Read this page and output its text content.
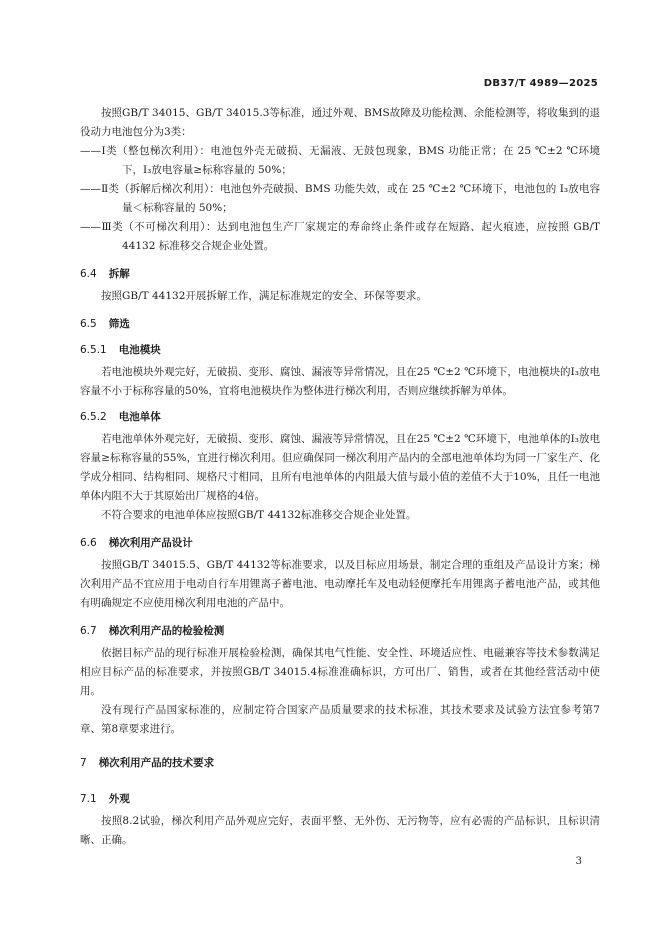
DB37/T 4989—2025

按照GB/T 34015、GB/T 34015.3等标准，通过外观、BMS故障及功能检测、余能检测等，将收集到的退役动力电池包分为3类：

——Ⅰ类（整包梯次利用）：电池包外壳无破损、无漏液、无鼓包现象，BMS 功能正常；在 25 ℃±2 ℃环境下，I₃放电容量≥标称容量的 50%；

——Ⅱ类（拆解后梯次利用）：电池包外壳破损、BMS 功能失效，或在 25 ℃±2 ℃环境下，电池包的 I₃放电容量＜标称容量的 50%；

——Ⅲ类（不可梯次利用）：达到电池包生产厂家规定的寿命终止条件或存在短路、起火痕迹，应按照 GB/T 44132 标准移交合规企业处置。

6.4 拆解

按照GB/T 44132开展拆解工作，满足标准规定的安全、环保等要求。

6.5 筛选
6.5.1 电池模块

若电池模块外观完好，无破损、变形、腐蚀、漏液等异常情况，且在25 ℃±2 ℃环境下，电池模块的I₃放电容量不小于标称容量的50%，宜将电池模块作为整体进行梯次利用，否则应继续拆解为单体。

6.5.2 电池单体

若电池单体外观完好，无破损、变形、腐蚀、漏液等异常情况，且在25 ℃±2 ℃环境下，电池单体的I₃放电容量≥标称容量的55%，宜进行梯次利用。但应确保同一梯次利用产品内的全部电池单体均为同一厂家生产、化学成分相同、结构相同、规格尺寸相同，且所有电池单体的内阻最大值与最小值的差值不大于10%，且任一电池单体内阻不大于其原始出厂规格的4倍。

不符合要求的电池单体应按照GB/T 44132标准移交合规企业处置。

6.6 梯次利用产品设计

按照GB/T 34015.5、GB/T 44132等标准要求，以及目标应用场景，制定合理的重组及产品设计方案；梯次利用产品不宜应用于电动自行车用锂离子蓄电池、电动摩托车及电动轻便摩托车用锂离子蓄电池产品，或其他有明确规定不应使用梯次利用电池的产品中。

6.7 梯次利用产品的检验检测

依据目标产品的现行标准开展检验检测，确保其电气性能、安全性、环境适应性、电磁兼容等技术参数满足相应目标产品的标准要求，并按照GB/T 34015.4标准准确标识，方可出厂、销售，或者在其他经营活动中使用。

没有现行产品国家标准的，应制定符合国家产品质量要求的技术标准，其技术要求及试验方法宜参考第7章、第8章要求进行。

7 梯次利用产品的技术要求
7.1 外观

按照8.2试验，梯次利用产品外观应完好，表面平整、无外伤、无污物等，应有必需的产品标识，且标识清晰、正确。

3
